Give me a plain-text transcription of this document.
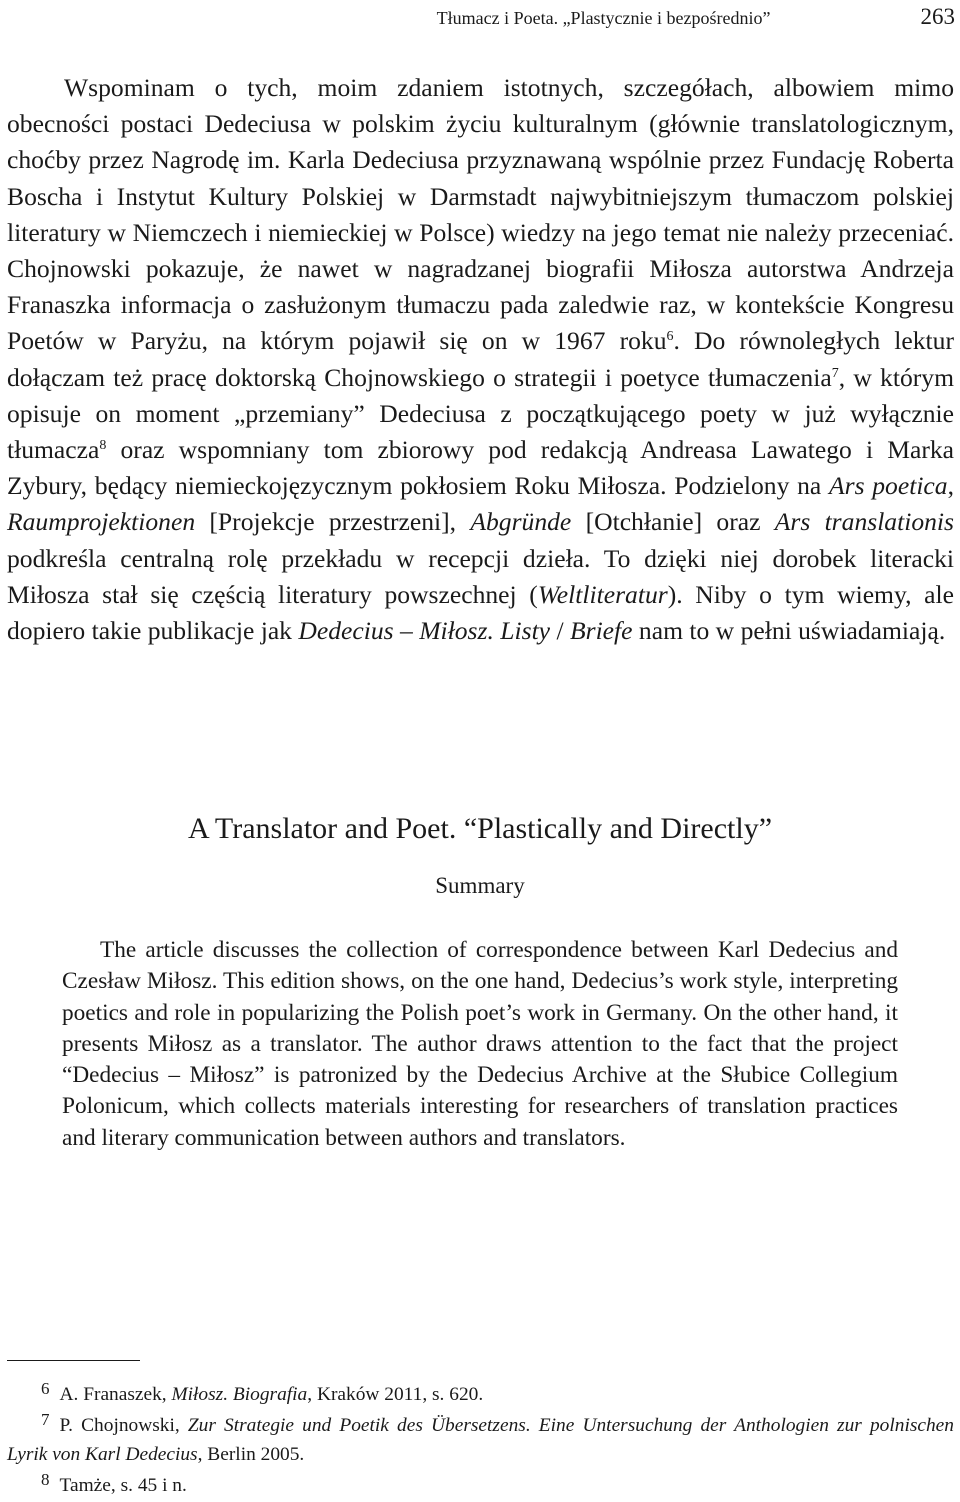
Tłumacz i Poeta. „Plastycznie i bezpośrednio”	263

Wspominam o tych, moim zdaniem istotnych, szczegółach, albowiem mimo obecności postaci Dedeciusa w polskim życiu kulturalnym (głównie translatologicznym, choćby przez Nagrodę im. Karla Dedeciusa przyznawaną wspólnie przez Fundację Roberta Boscha i Instytut Kultury Polskiej w Darmstadt najwybitniejszym tłumaczom polskiej literatury w Niemczech i niemieckiej w Polsce) wiedzy na jego temat nie należy przeceniać. Chojnowski pokazuje, że nawet w nagradzanej biografii Miłosza autorstwa Andrzeja Franaszka informacja o zasłużonym tłumaczu pada zaledwie raz, w kontekście Kongresu Poetów w Paryżu, na którym pojawił się on w 1967 roku$^6$. Do równoległych lektur dołączam też pracę doktorską Chojnowskiego o strategii i poetyce tłumaczenia$^7$, w którym opisuje on moment „przemiany” Dedeciusa z początkującego poety w już wyłącznie tłumacza$^8$ oraz wspomniany tom zbiorowy pod redakcją Andreasa Lawatego i Marka Zybury, będący niemieckojęzycznym pokłosiem Roku Miłosza. Podzielony na Ars poetica, Raumprojektionen [Projekcje przestrzeni], Abgründe [Otchłanie] oraz Ars translationis podkreśla centralną rolę przekładu w recepcji dzieła. To dzięki niej dorobek literacki Miłosza stał się częścią literatury powszechnej (Weltliteratur). Niby o tym wiemy, ale dopiero takie publikacje jak Dedecius – Miłosz. Listy / Briefe nam to w pełni uświadamiają.

A Translator and Poet. “Plastically and Directly”
Summary

The article discusses the collection of correspondence between Karl Dedecius and Czesław Miłosz. This edition shows, on the one hand, Dedecius’s work style, interpreting poetics and role in popularizing the Polish poet’s work in Germany. On the other hand, it presents Miłosz as a translator. The author draws attention to the fact that the project “Dedecius – Miłosz” is patronized by the Dedecius Archive at the Słubice Collegium Polonicum, which collects materials interesting for researchers of translation practices and literary communication between authors and translators.

6 A. Franaszek, Miłosz. Biografia, Kraków 2011, s. 620.

7 P. Chojnowski, Zur Strategie und Poetik des Übersetzens. Eine Untersuchung der Anthologien zur polnischen Lyrik von Karl Dedecius, Berlin 2005.

8 Tamże, s. 45 i n.
